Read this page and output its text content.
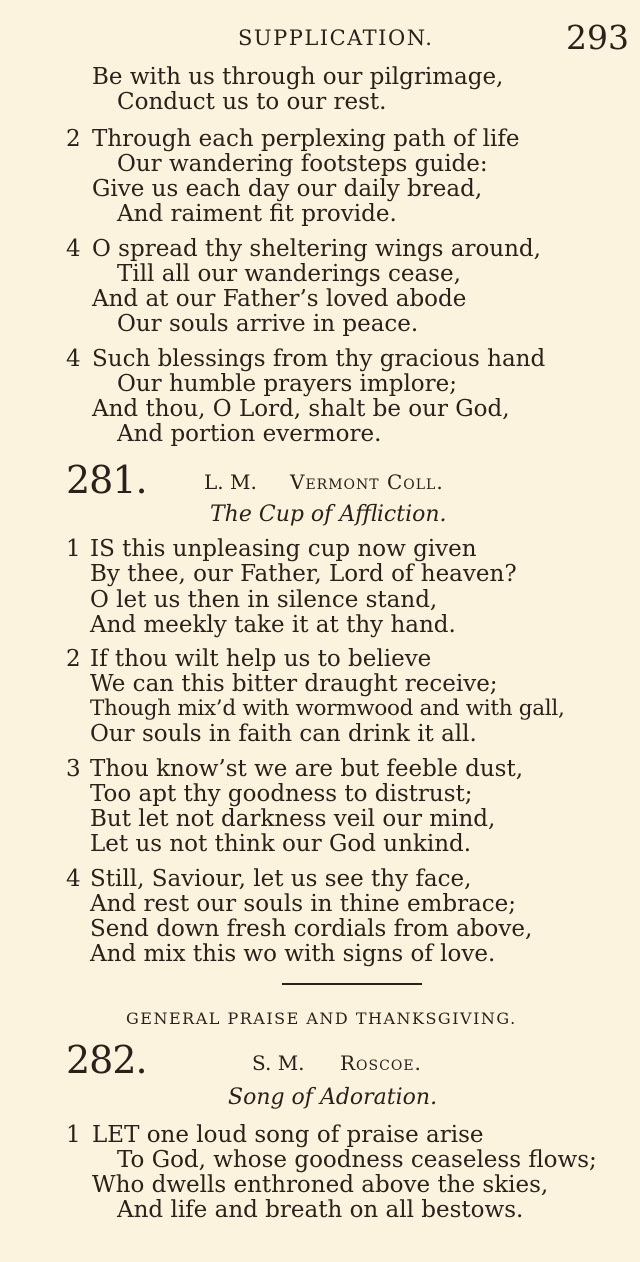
SUPPLICATION.	293
Be with us through our pilgrimage,
Conduct us to our rest.
2 Through each perplexing path of life
Our wandering footsteps guide:
Give us each day our daily bread,
And raiment fit provide.
4 O spread thy sheltering wings around,
Till all our wanderings cease,
And at our Father’s loved abode
Our souls arrive in peace.
4 Such blessings from thy gracious hand
Our humble prayers implore;
And thou, O Lord, shalt be our God,
And portion evermore.
281.	L. M. Vermont Coll.
The Cup of Affliction.
1 IS this unpleasing cup now given
By thee, our Father, Lord of heaven?
O let us then in silence stand,
And meekly take it at thy hand.
2 If thou wilt help us to believe
We can this bitter draught receive;
Though mix’d with wormwood and with gall,
Our souls in faith can drink it all.
3 Thou know’st we are but feeble dust,
Too apt thy goodness to distrust;
But let not darkness veil our mind,
Let us not think our God unkind.
4 Still, Saviour, let us see thy face,
And rest our souls in thine embrace;
Send down fresh cordials from above,
And mix this wo with signs of love.
GENERAL PRAISE AND THANKSGIVING.
282.	S. M. Roscoe.
Song of Adoration.
1 LET one loud song of praise arise
To God, whose goodness ceaseless flows;
Who dwells enthroned above the skies,
And life and breath on all bestows.
